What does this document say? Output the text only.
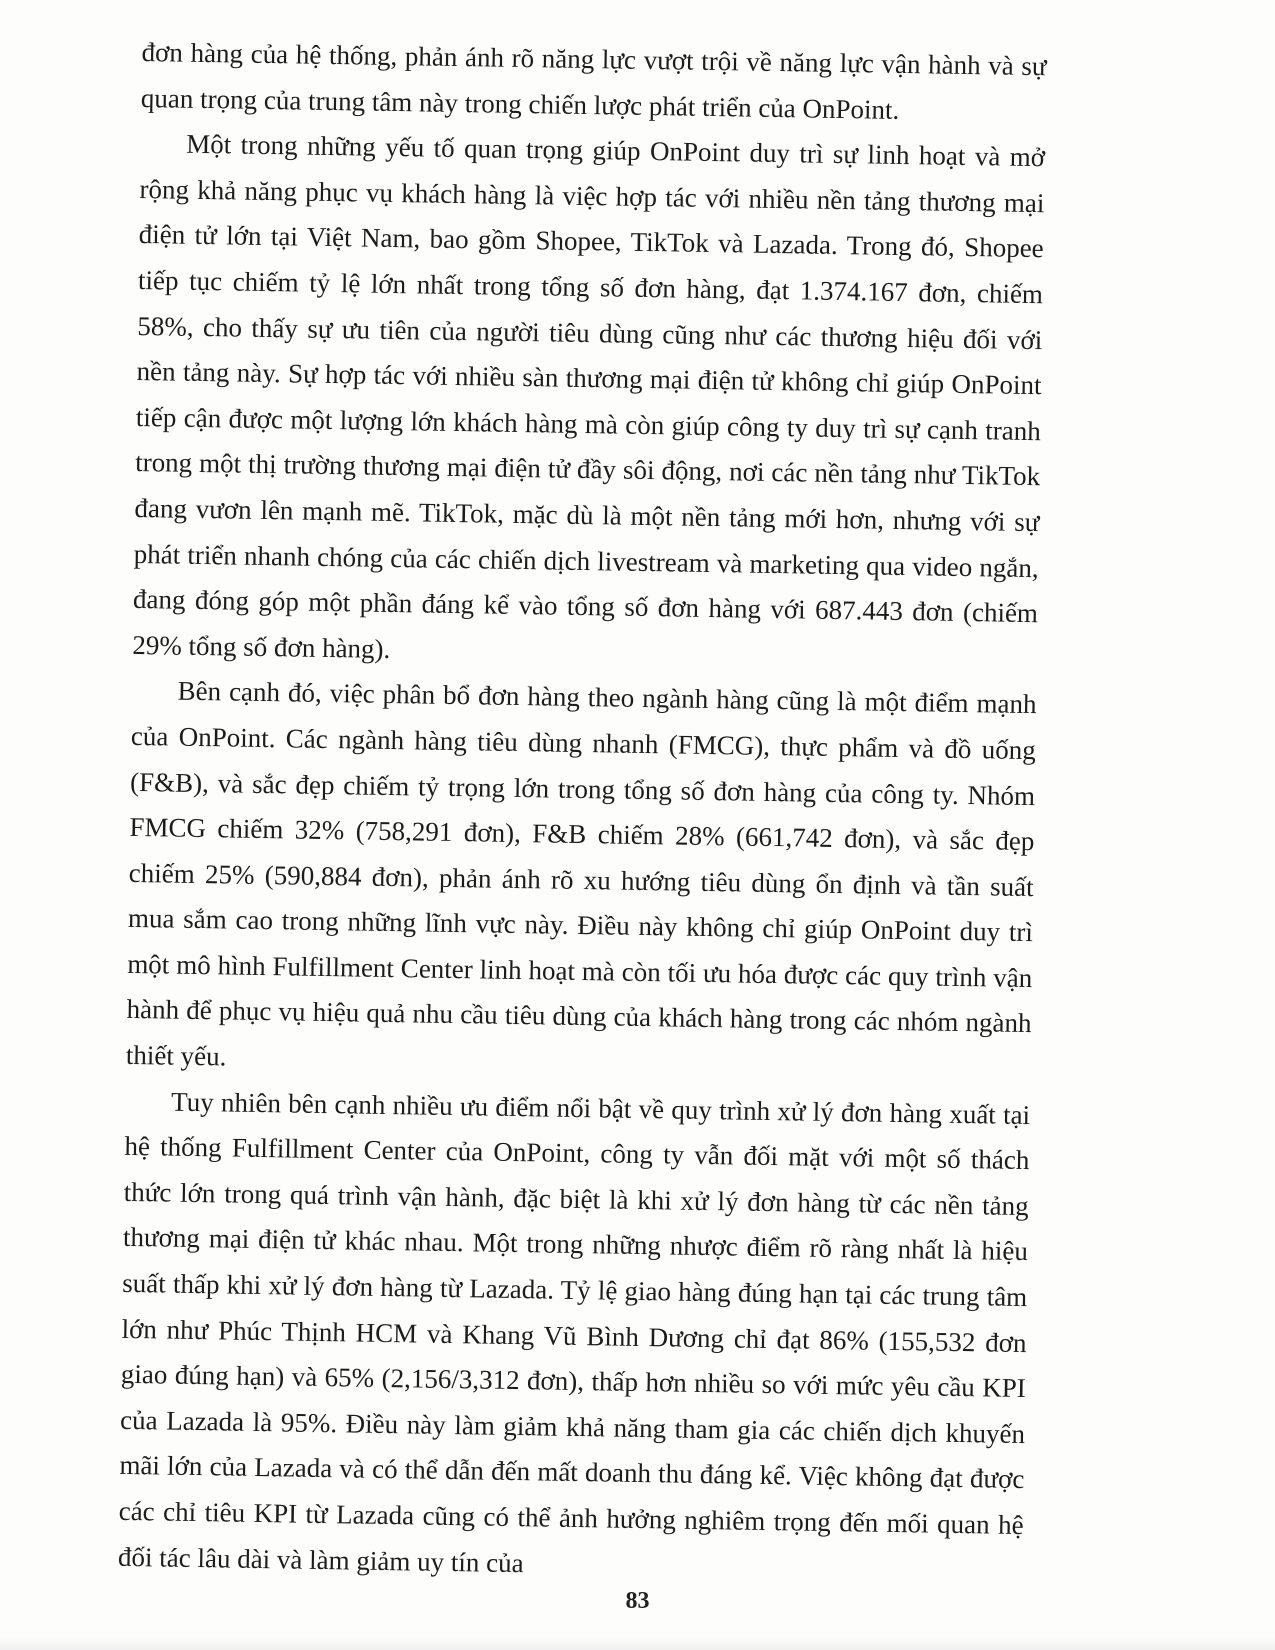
đơn hàng của hệ thống, phản ánh rõ năng lực vượt trội về năng lực vận hành và sự quan trọng của trung tâm này trong chiến lược phát triển của OnPoint.

Một trong những yếu tố quan trọng giúp OnPoint duy trì sự linh hoạt và mở rộng khả năng phục vụ khách hàng là việc hợp tác với nhiều nền tảng thương mại điện tử lớn tại Việt Nam, bao gồm Shopee, TikTok và Lazada. Trong đó, Shopee tiếp tục chiếm tỷ lệ lớn nhất trong tổng số đơn hàng, đạt 1.374.167 đơn, chiếm 58%, cho thấy sự ưu tiên của người tiêu dùng cũng như các thương hiệu đối với nền tảng này. Sự hợp tác với nhiều sàn thương mại điện tử không chỉ giúp OnPoint tiếp cận được một lượng lớn khách hàng mà còn giúp công ty duy trì sự cạnh tranh trong một thị trường thương mại điện tử đầy sôi động, nơi các nền tảng như TikTok đang vươn lên mạnh mẽ. TikTok, mặc dù là một nền tảng mới hơn, nhưng với sự phát triển nhanh chóng của các chiến dịch livestream và marketing qua video ngắn, đang đóng góp một phần đáng kể vào tổng số đơn hàng với 687.443 đơn (chiếm 29% tổng số đơn hàng).

Bên cạnh đó, việc phân bổ đơn hàng theo ngành hàng cũng là một điểm mạnh của OnPoint. Các ngành hàng tiêu dùng nhanh (FMCG), thực phẩm và đồ uống (F&B), và sắc đẹp chiếm tỷ trọng lớn trong tổng số đơn hàng của công ty. Nhóm FMCG chiếm 32% (758,291 đơn), F&B chiếm 28% (661,742 đơn), và sắc đẹp chiếm 25% (590,884 đơn), phản ánh rõ xu hướng tiêu dùng ổn định và tần suất mua sắm cao trong những lĩnh vực này. Điều này không chỉ giúp OnPoint duy trì một mô hình Fulfillment Center linh hoạt mà còn tối ưu hóa được các quy trình vận hành để phục vụ hiệu quả nhu cầu tiêu dùng của khách hàng trong các nhóm ngành thiết yếu.

Tuy nhiên bên cạnh nhiều ưu điểm nổi bật về quy trình xử lý đơn hàng xuất tại hệ thống Fulfillment Center của OnPoint, công ty vẫn đối mặt với một số thách thức lớn trong quá trình vận hành, đặc biệt là khi xử lý đơn hàng từ các nền tảng thương mại điện tử khác nhau. Một trong những nhược điểm rõ ràng nhất là hiệu suất thấp khi xử lý đơn hàng từ Lazada. Tỷ lệ giao hàng đúng hạn tại các trung tâm lớn như Phúc Thịnh HCM và Khang Vũ Bình Dương chỉ đạt 86% (155,532 đơn giao đúng hạn) và 65% (2,156/3,312 đơn), thấp hơn nhiều so với mức yêu cầu KPI của Lazada là 95%. Điều này làm giảm khả năng tham gia các chiến dịch khuyến mãi lớn của Lazada và có thể dẫn đến mất doanh thu đáng kể. Việc không đạt được các chỉ tiêu KPI từ Lazada cũng có thể ảnh hưởng nghiêm trọng đến mối quan hệ đối tác lâu dài và làm giảm uy tín của

83
